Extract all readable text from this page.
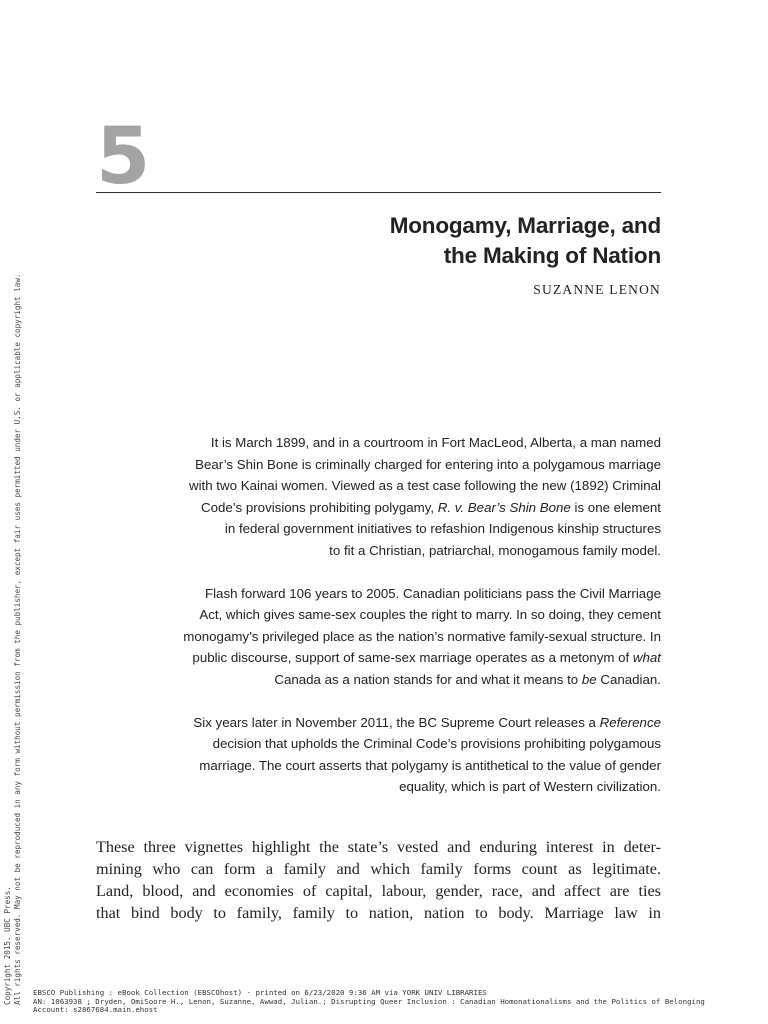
5
Monogamy, Marriage, and
the Making of Nation
SUZANNE LENON

It is March 1899, and in a courtroom in Fort MacLeod, Alberta, a man named
Bear’s Shin Bone is criminally charged for entering into a polygamous marriage
with two Kainai women. Viewed as a test case following the new (1892) Criminal
Code’s provisions prohibiting polygamy, R. v. Bear’s Shin Bone is one element
in federal government initiatives to refashion Indigenous kinship structures
to fit a Christian, patriarchal, monogamous family model.

Flash forward 106 years to 2005. Canadian politicians pass the Civil Marriage
Act, which gives same-sex couples the right to marry. In so doing, they cement
monogamy’s privileged place as the nation’s normative family-sexual structure. In
public discourse, support of same-sex marriage operates as a metonym of what
Canada as a nation stands for and what it means to be Canadian.

Six years later in November 2011, the BC Supreme Court releases a Reference
decision that upholds the Criminal Code’s provisions prohibiting polygamous
marriage. The court asserts that polygamy is antithetical to the value of gender
equality, which is part of Western civilization.

These three vignettes highlight the state’s vested and enduring interest in deter-
mining who can form a family and which family forms count as legitimate.
Land, blood, and economies of capital, labour, gender, race, and affect are ties
that bind body to family, family to nation, nation to body. Marriage law in
Copyright 2015. UBC Press. All rights reserved. May not be reproduced in any form without permission from the publisher, except fair uses permitted under U.S. or applicable copyright law. EBSCO Publishing : eBook Collection (EBSCOhost) - printed on 6/23/2020 9:36 AM via YORK UNIV LIBRARIES
AN: 1063938 ; Dryden, OmiSoore H., Lenon, Suzanne, Awwad, Julian.; Disrupting Queer Inclusion : Canadian Homonationalisms and the Politics of Belonging
Account: s2867684.main.ehost
